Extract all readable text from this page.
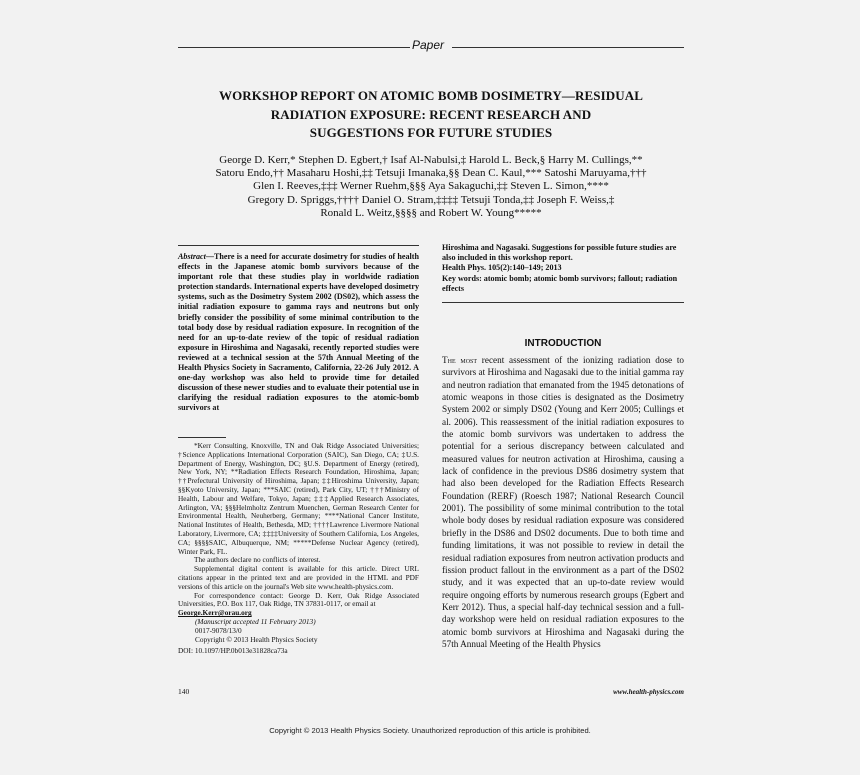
Paper
WORKSHOP REPORT ON ATOMIC BOMB DOSIMETRY—RESIDUAL
RADIATION EXPOSURE: RECENT RESEARCH AND
SUGGESTIONS FOR FUTURE STUDIES
George D. Kerr,* Stephen D. Egbert,† Isaf Al-Nabulsi,‡ Harold L. Beck,§ Harry M. Cullings,**
Satoru Endo,†† Masaharu Hoshi,‡‡ Tetsuji Imanaka,§§ Dean C. Kaul,*** Satoshi Maruyama,†††
Glen I. Reeves,‡‡‡ Werner Ruehm,§§§ Aya Sakaguchi,‡‡ Steven L. Simon,****
Gregory D. Spriggs,†††† Daniel O. Stram,‡‡‡‡ Tetsuji Tonda,‡‡ Joseph F. Weiss,‡
Ronald L. Weitz,§§§§ and Robert W. Young*****
Abstract—There is a need for accurate dosimetry for studies of health effects in the Japanese atomic bomb survivors because of the important role that these studies play in worldwide radiation protection standards. International experts have developed dosimetry systems, such as the Dosimetry System 2002 (DS02), which assess the initial radiation exposure to gamma rays and neutrons but only briefly consider the possibility of some minimal contribution to the total body dose by residual radiation exposure. In recognition of the need for an up-to-date review of the topic of residual radiation exposure in Hiroshima and Nagasaki, recently reported studies were reviewed at a technical session at the 57th Annual Meeting of the Health Physics Society in Sacramento, California, 22-26 July 2012. A one-day workshop was also held to provide time for detailed discussion of these newer studies and to evaluate their potential use in clarifying the residual radiation exposures to the atomic-bomb survivors at
Hiroshima and Nagasaki. Suggestions for possible future studies are also included in this workshop report.
Health Phys. 105(2):140–149; 2013
Key words: atomic bomb; atomic bomb survivors; fallout; radiation effects
INTRODUCTION
The most recent assessment of the ionizing radiation dose to survivors at Hiroshima and Nagasaki due to the initial gamma ray and neutron radiation that emanated from the 1945 detonations of atomic weapons in those cities is designated as the Dosimetry System 2002 or simply DS02 (Young and Kerr 2005; Cullings et al. 2006). This reassessment of the initial radiation exposures to the atomic bomb survivors was undertaken to address the potential for a serious discrepancy between calculated and measured values for neutron activation at Hiroshima, causing a lack of confidence in the previous DS86 dosimetry system that had also been developed for the Radiation Effects Research Foundation (RERF) (Roesch 1987; National Research Council 2001). The possibility of some minimal contribution to the total whole body doses by residual radiation exposure was considered briefly in the DS86 and DS02 documents. Due to both time and funding limitations, it was not possible to review in detail the residual radiation exposures from neutron activation products and fission product fallout in the environment as a part of the DS02 study, and it was expected that an up-to-date review would require ongoing efforts by numerous research groups (Egbert and Kerr 2012). Thus, a special half-day technical session and a full-day workshop were held on residual radiation exposures to the atomic bomb survivors at Hiroshima and Nagasaki during the 57th Annual Meeting of the Health Physics

*Kerr Consulting, Knoxville, TN and Oak Ridge Associated Universities; †Science Applications International Corporation (SAIC), San Diego, CA; ‡U.S. Department of Energy, Washington, DC; §U.S. Department of Energy (retired), New York, NY; **Radiation Effects Research Foundation, Hiroshima, Japan; ††Prefectural University of Hiroshima, Japan; ‡‡Hiroshima University, Japan; §§Kyoto University, Japan; ***SAIC (retired), Park City, UT; †††Ministry of Health, Labour and Welfare, Tokyo, Japan; ‡‡‡Applied Research Associates, Arlington, VA; §§§Helmholtz Zentrum Muenchen, German Research Center for Environmental Health, Neuherberg, Germany; ****National Cancer Institute, National Institutes of Health, Bethesda, MD; ††††Lawrence Livermore National Laboratory, Livermore, CA; ‡‡‡‡University of Southern California, Los Angeles, CA; §§§§SAIC, Albuquerque, NM; *****Defense Nuclear Agency (retired), Winter Park, FL.

The authors declare no conflicts of interest.

Supplemental digital content is available for this article. Direct URL citations appear in the printed text and are provided in the HTML and PDF versions of this article on the journal's Web site www.health-physics.com.

For correspondence contact: George D. Kerr, Oak Ridge Associated Universities, P.O. Box 117, Oak Ridge, TN 37831-0117, or email at
George.Kerr@orau.org

(Manuscript accepted 11 February 2013)

0017-9078/13/0

Copyright © 2013 Health Physics Society

DOI: 10.1097/HP.0b013e31828ca73a

140	www.health-physics.com
Copyright © 2013 Health Physics Society. Unauthorized reproduction of this article is prohibited.
